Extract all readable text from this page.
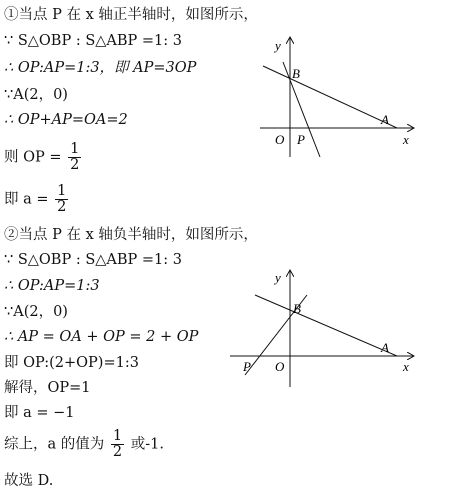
①当点 P 在 x 轴正半轴时，如图所示，
∵ S△OBP : S△ABP =1: 3
∴ OP:AP=1:3，即 AP=3OP
∵A(2，0)
∴ OP+AP=OA=2
则 OP = $\frac{1}{2}$
即 $a = \frac{1}{2}$
②当点 P 在 x 轴负半轴时，如图所示，
∵ S△OBP : S△ABP =1: 3
∴ OP:AP=1:3
∵A(2，0)
∴ AP = OA + OP = 2 + OP
即 OP:(2+OP)=1:3
解得，OP=1
即 a = −1
综上，a 的值为 $\frac{1}{2}$ 或-1.
故选 D.
y
x
B
O P
A
y
x
B
O
P
A
